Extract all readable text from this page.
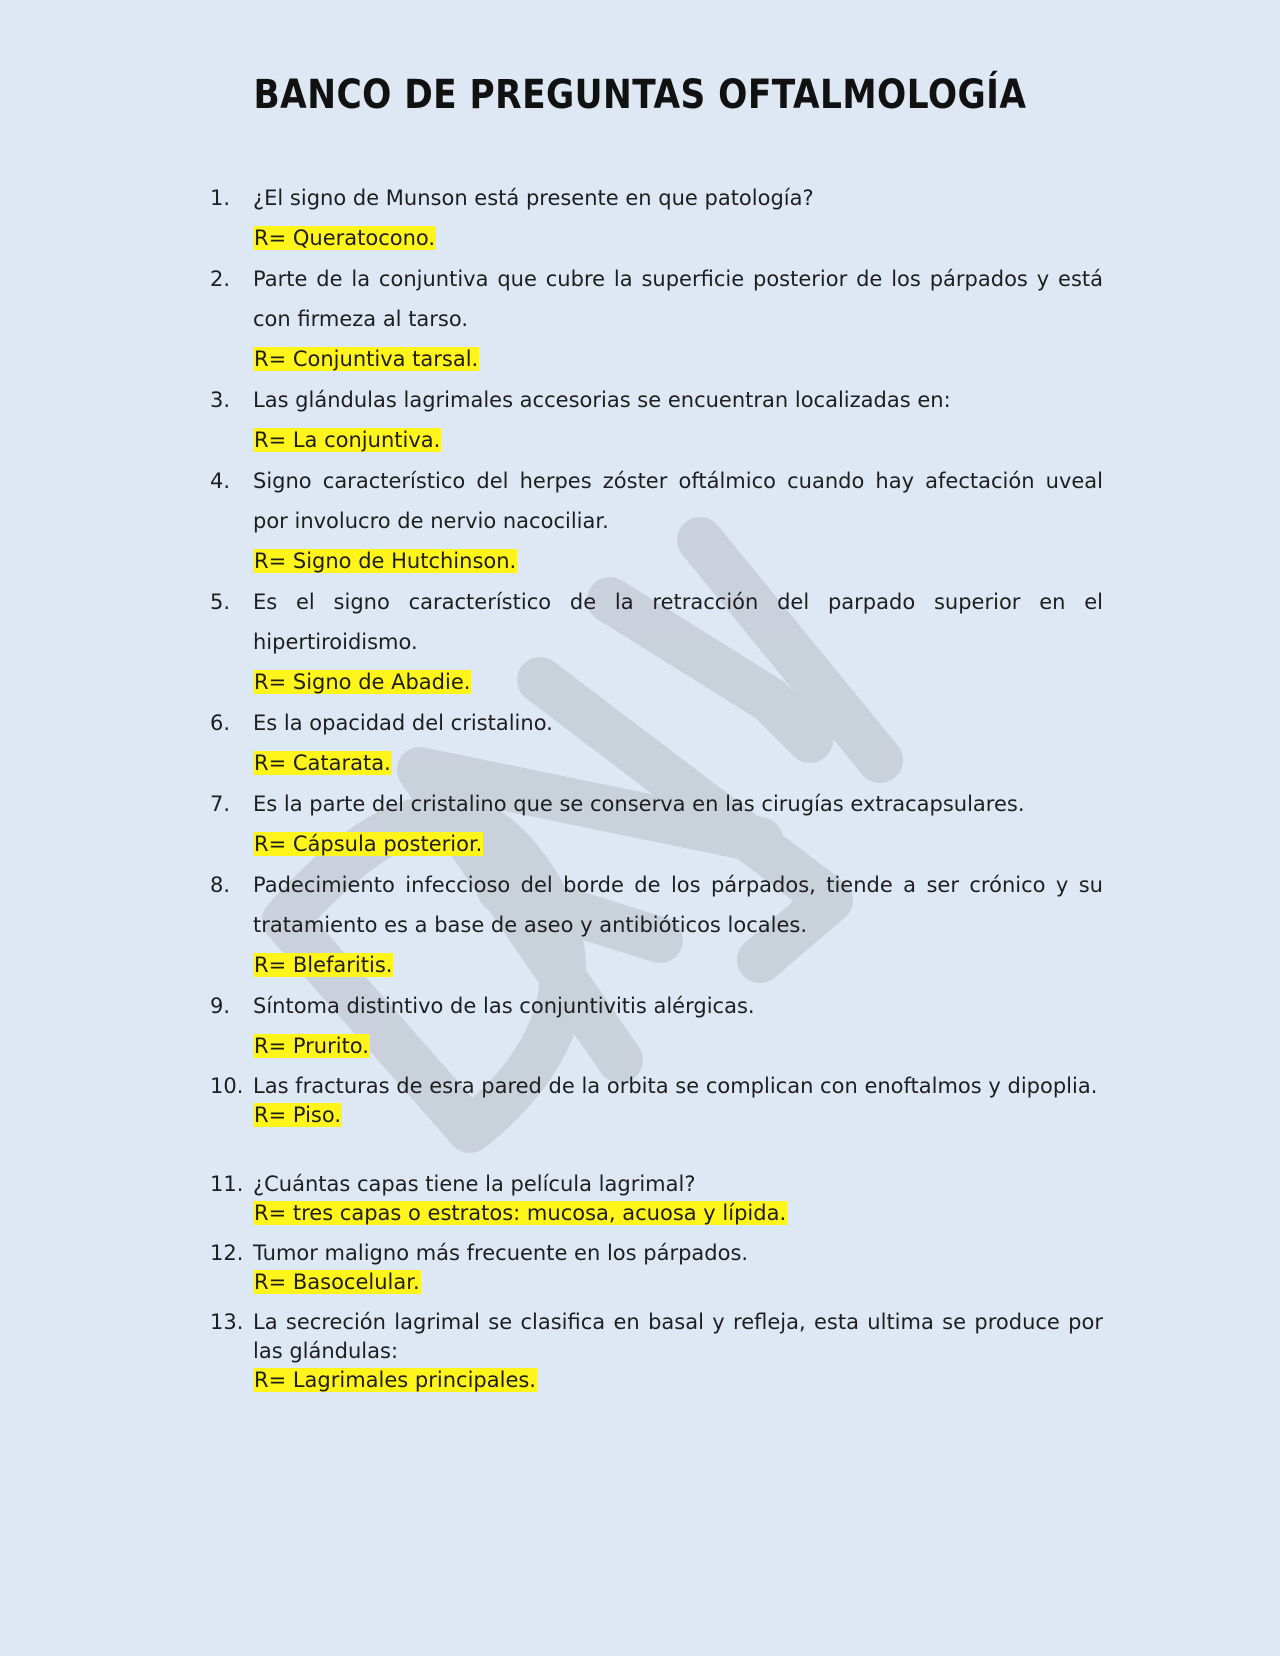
BANCO DE PREGUNTAS OFTALMOLOGÍA
1.	¿El signo de Munson está presente en que patología?

R= Queratocono.

2.	Parte de la conjuntiva que cubre la superficie posterior de los párpados y está con firmeza al tarso.

R= Conjuntiva tarsal.

3.	Las glándulas lagrimales accesorias se encuentran localizadas en:

R= La conjuntiva.

4.	Signo característico del herpes zóster oftálmico cuando hay afectación uveal por involucro de nervio nacociliar.

R= Signo de Hutchinson.

5.	Es el signo característico de la retracción del parpado superior en el hipertiroidismo.

R= Signo de Abadie.

6.	Es la opacidad del cristalino.

R= Catarata.

7.	Es la parte del cristalino que se conserva en las cirugías extracapsulares.

R= Cápsula posterior.

8.	Padecimiento infeccioso del borde de los párpados, tiende a ser crónico y su tratamiento es a base de aseo y antibióticos locales.

R= Blefaritis.

9.	Síntoma distintivo de las conjuntivitis alérgicas.

R= Prurito.

10. Las fracturas de esra pared de la orbita se complican con enoftalmos y dipoplia.

R= Piso.

11. ¿Cuántas capas tiene la película lagrimal?

R= tres capas o estratos: mucosa, acuosa y lípida.

12. Tumor maligno más frecuente en los párpados.

R= Basocelular.

13. La secreción lagrimal se clasifica en basal y refleja, esta ultima se produce por las glándulas:

R= Lagrimales principales.
